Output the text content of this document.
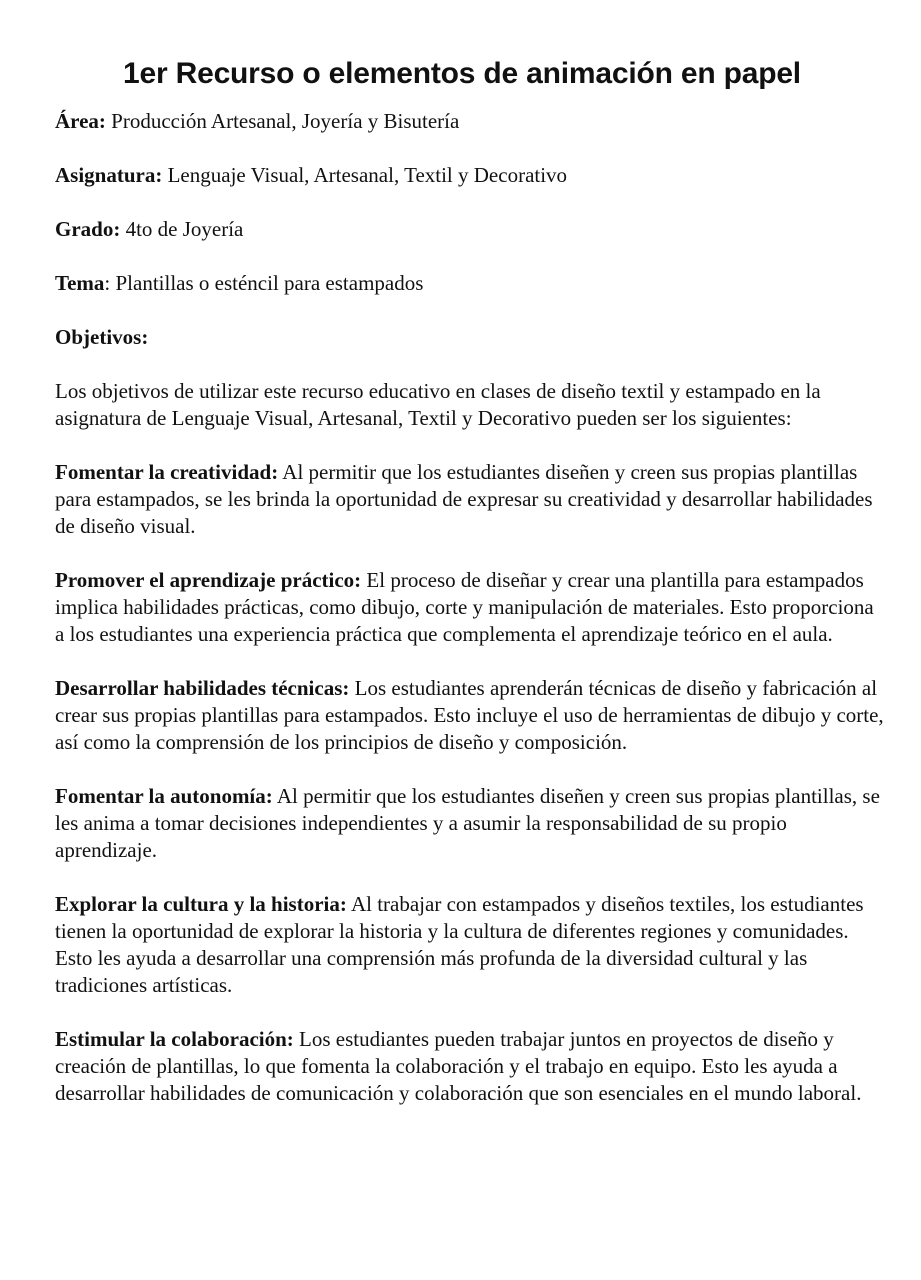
1er Recurso o elementos de animación en papel

Área: Producción Artesanal, Joyería y Bisutería

Asignatura: Lenguaje Visual, Artesanal, Textil y Decorativo

Grado: 4to de Joyería

Tema: Plantillas o esténcil para estampados

Objetivos:

Los objetivos de utilizar este recurso educativo en clases de diseño textil y estampado en la asignatura de Lenguaje Visual, Artesanal, Textil y Decorativo pueden ser los siguientes:

Fomentar la creatividad: Al permitir que los estudiantes diseñen y creen sus propias plantillas para estampados, se les brinda la oportunidad de expresar su creatividad y desarrollar habilidades de diseño visual.

Promover el aprendizaje práctico: El proceso de diseñar y crear una plantilla para estampados implica habilidades prácticas, como dibujo, corte y manipulación de materiales. Esto proporciona a los estudiantes una experiencia práctica que complementa el aprendizaje teórico en el aula.

Desarrollar habilidades técnicas: Los estudiantes aprenderán técnicas de diseño y fabricación al crear sus propias plantillas para estampados. Esto incluye el uso de herramientas de dibujo y corte, así como la comprensión de los principios de diseño y composición.

Fomentar la autonomía: Al permitir que los estudiantes diseñen y creen sus propias plantillas, se les anima a tomar decisiones independientes y a asumir la responsabilidad de su propio aprendizaje.

Explorar la cultura y la historia: Al trabajar con estampados y diseños textiles, los estudiantes tienen la oportunidad de explorar la historia y la cultura de diferentes regiones y comunidades. Esto les ayuda a desarrollar una comprensión más profunda de la diversidad cultural y las tradiciones artísticas.

Estimular la colaboración: Los estudiantes pueden trabajar juntos en proyectos de diseño y creación de plantillas, lo que fomenta la colaboración y el trabajo en equipo. Esto les ayuda a desarrollar habilidades de comunicación y colaboración que son esenciales en el mundo laboral.
